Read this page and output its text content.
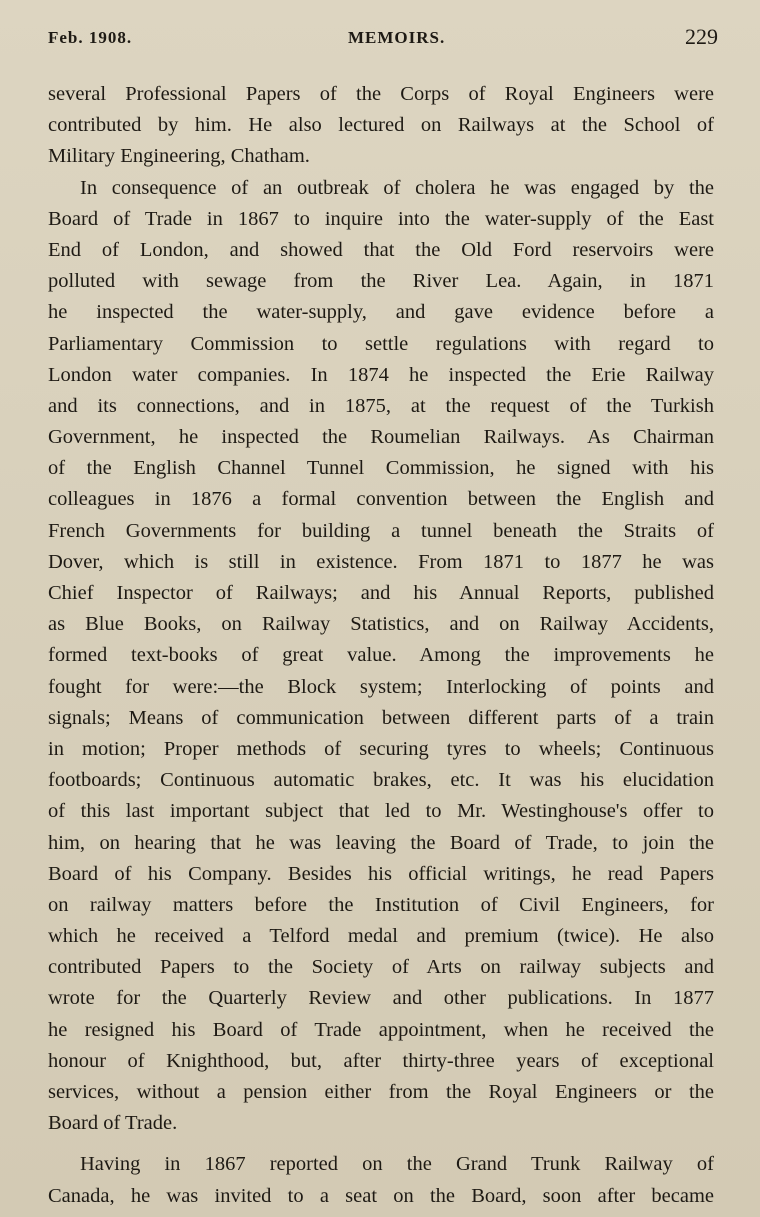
Feb. 1908.	MEMOIRS.	229
several Professional Papers of the Corps of Royal Engineers were
contributed by him. He also lectured on Railways at the School of
Military Engineering, Chatham.
In consequence of an outbreak of cholera he was engaged by the
Board of Trade in 1867 to inquire into the water-supply of the East
End of London, and showed that the Old Ford reservoirs were
polluted with sewage from the River Lea. Again, in 1871
he inspected the water-supply, and gave evidence before a
Parliamentary Commission to settle regulations with regard to
London water companies. In 1874 he inspected the Erie Railway
and its connections, and in 1875, at the request of the Turkish
Government, he inspected the Roumelian Railways. As Chairman
of the English Channel Tunnel Commission, he signed with his
colleagues in 1876 a formal convention between the English and
French Governments for building a tunnel beneath the Straits of
Dover, which is still in existence. From 1871 to 1877 he was
Chief Inspector of Railways; and his Annual Reports, published
as Blue Books, on Railway Statistics, and on Railway Accidents,
formed text-books of great value. Among the improvements he
fought for were:—the Block system; Interlocking of points and
signals; Means of communication between different parts of a train
in motion; Proper methods of securing tyres to wheels; Continuous
footboards; Continuous automatic brakes, etc. It was his elucidation
of this last important subject that led to Mr. Westinghouse's offer to
him, on hearing that he was leaving the Board of Trade, to join the
Board of his Company. Besides his official writings, he read Papers
on railway matters before the Institution of Civil Engineers, for
which he received a Telford medal and premium (twice). He also
contributed Papers to the Society of Arts on railway subjects and
wrote for the Quarterly Review and other publications. In 1877
he resigned his Board of Trade appointment, when he received the
honour of Knighthood, but, after thirty-three years of exceptional
services, without a pension either from the Royal Engineers or the
Board of Trade.
Having in 1867 reported on the Grand Trunk Railway of
Canada, he was invited to a seat on the Board, soon after became
